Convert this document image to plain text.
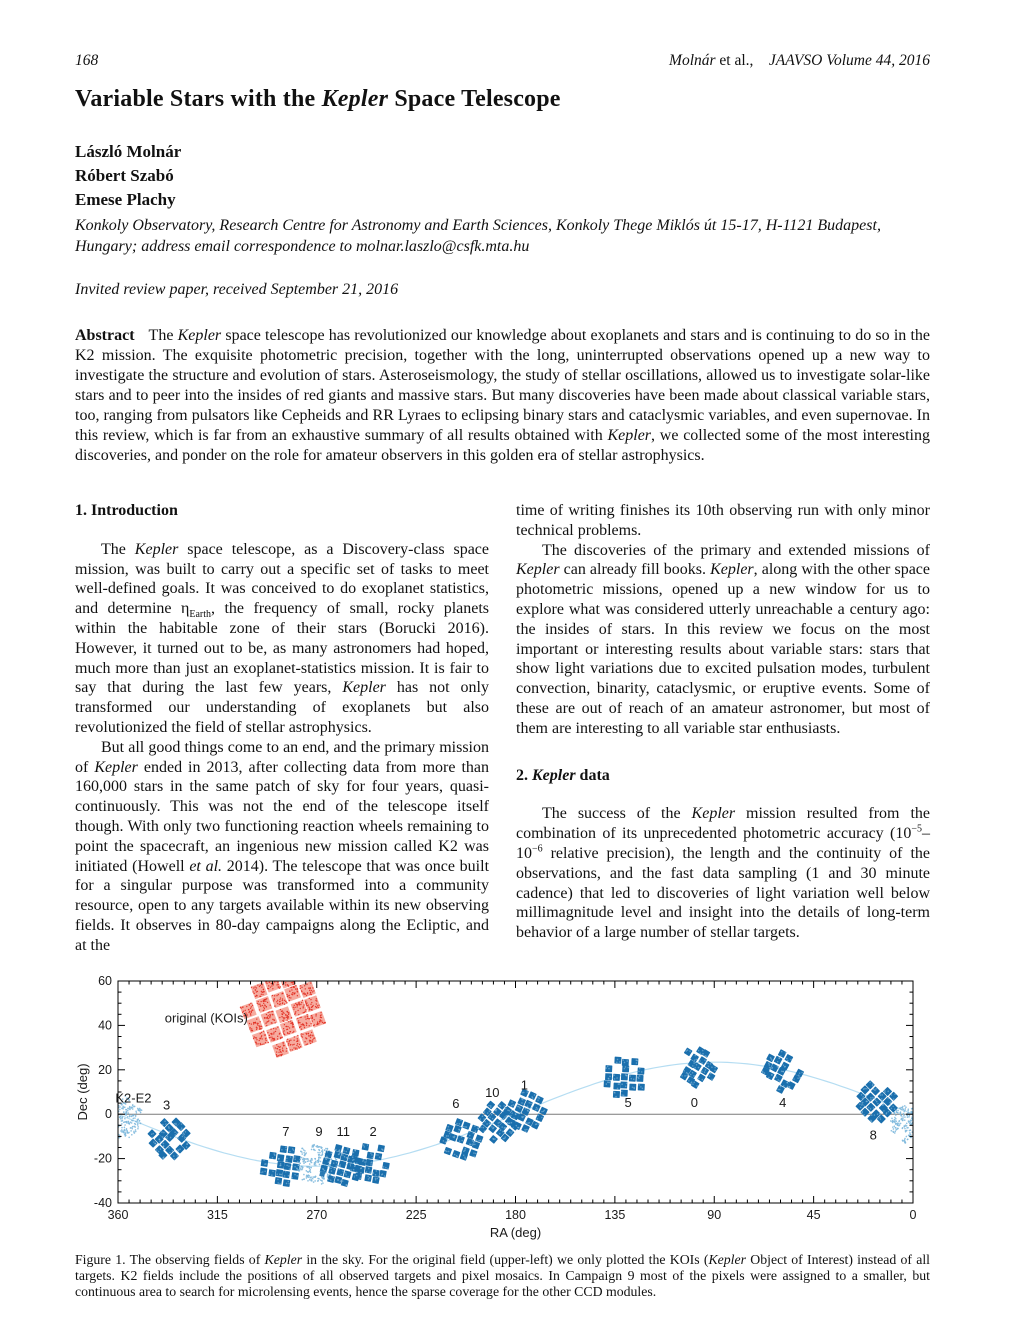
168	Molnár et al., JAAVSO Volume 44, 2016
Variable Stars with the Kepler Space Telescope
László Molnár
Róbert Szabó
Emese Plachy
Konkoly Observatory, Research Centre for Astronomy and Earth Sciences, Konkoly Thege Miklós út 15-17, H-1121 Budapest, Hungary; address email correspondence to molnar.laszlo@csfk.mta.hu
Invited review paper, received September 21, 2016
Abstract The Kepler space telescope has revolutionized our knowledge about exoplanets and stars and is continuing to do so in the K2 mission. The exquisite photometric precision, together with the long, uninterrupted observations opened up a new way to investigate the structure and evolution of stars. Asteroseismology, the study of stellar oscillations, allowed us to investigate solar-like stars and to peer into the insides of red giants and massive stars. But many discoveries have been made about classical variable stars, too, ranging from pulsators like Cepheids and RR Lyraes to eclipsing binary stars and cataclysmic variables, and even supernovae. In this review, which is far from an exhaustive summary of all results obtained with Kepler, we collected some of the most interesting discoveries, and ponder on the role for amateur observers in this golden era of stellar astrophysics.
1. Introduction

The Kepler space telescope, as a Discovery-class space mission, was built to carry out a specific set of tasks to meet well-defined goals. It was conceived to do exoplanet statistics, and determine $\eta_{Earth}$, the frequency of small, rocky planets within the habitable zone of their stars (Borucki 2016). However, it turned out to be, as many astronomers had hoped, much more than just an exoplanet-statistics mission. It is fair to say that during the last few years, Kepler has not only transformed our understanding of exoplanets but also revolutionized the field of stellar astrophysics.

But all good things come to an end, and the primary mission of Kepler ended in 2013, after collecting data from more than 160,000 stars in the same patch of sky for four years, quasi-continuously. This was not the end of the telescope itself though. With only two functioning reaction wheels remaining to point the spacecraft, an ingenious new mission called K2 was initiated (Howell et al. 2014). The telescope that was once built for a singular purpose was transformed into a community resource, open to any targets available within its new observing fields. It observes in 80-day campaigns along the Ecliptic, and at the

time of writing finishes its 10th observing run with only minor technical problems.

The discoveries of the primary and extended missions of Kepler can already fill books. Kepler, along with the other space photometric missions, opened up a new window for us to explore what was considered utterly unreachable a century ago: the insides of stars. In this review we focus on the most important or interesting results about variable stars: stars that show light variations due to excited pulsation modes, turbulent convection, binarity, cataclysmic, or eruptive events. Some of these are out of reach of an amateur astronomer, but most of them are interesting to all variable star enthusiasts.

2. Kepler data

The success of the Kepler mission resulted from the combination of its unprecedented photometric accuracy ($10^{-5}-10^{-6}$ relative precision), the length and the continuity of the observations, and the fast data sampling (1 and 30 minute cadence) that led to discoveries of light variation well below millimagnitude level and insight into the details of long-term behavior of a large number of stellar targets.

0
45
90
135
180
225
270
315
360
-40
-20
0
20
40
60
original (KOIs)
K2-E2 3
7 9 11 2
6
10
1
5	0	4
8
RA (deg)
Dec (deg)
Figure 1. The observing fields of Kepler in the sky. For the original field (upper-left) we only plotted the KOIs (Kepler Object of Interest) instead of all targets. K2 fields include the positions of all observed targets and pixel mosaics. In Campaign 9 most of the pixels were assigned to a smaller, but continuous area to search for microlensing events, hence the sparse coverage for the other CCD modules.
